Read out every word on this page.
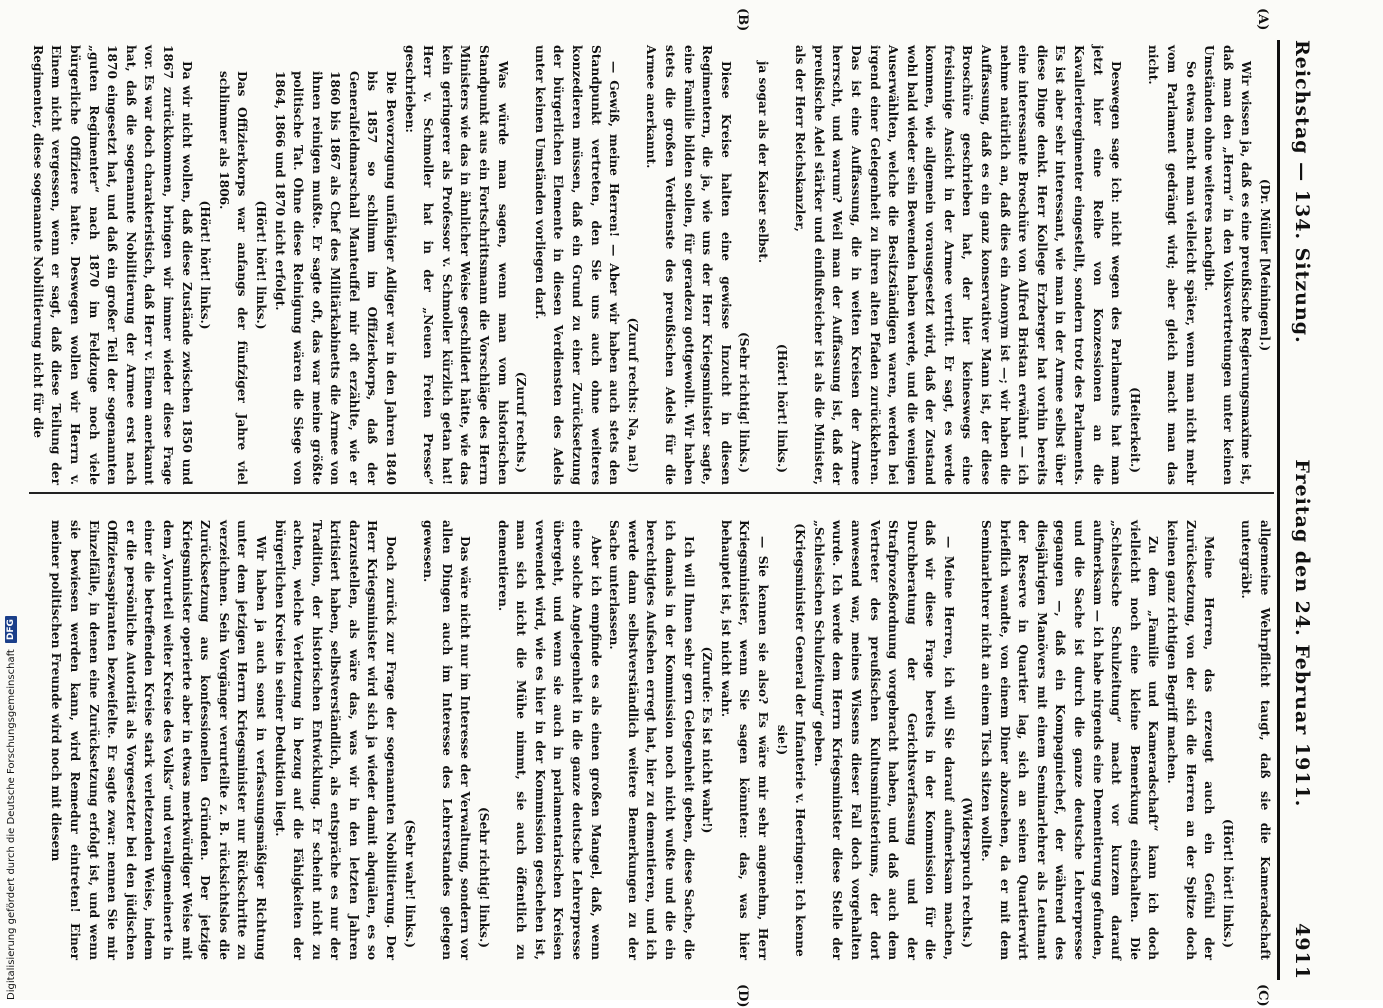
Reichstag — 134. Sitzung.
Freitag den 24. Februar 1911.
4911
(A)
(B)
(C)
(D)

(Dr. Müller [Meiningen].)

Wir wissen ja, daß es eine preußische Regierungsmaxime ist, daß man den „Herrn“ in den Volksvertretungen unter keinen Umständen ohne weiteres nachgibt.

So etwas macht man vielleicht später, wenn man nicht mehr vom Parlament gedrängt wird; aber gleich macht man das nicht.

(Heiterkeit.)

Deswegen sage ich: nicht wegen des Parlaments hat man jetzt hier eine Reihe von Konzessionen an die Kavallerieregimenter eingestellt, sondern trotz des Parlaments. Es ist aber sehr interessant, wie man in der Armee selbst über diese Dinge denkt. Herr Kollege Erzberger hat vorhin bereits eine interessante Broschüre von Alfred Bristan erwähnt — ich nehme natürlich an, daß dies ein Anonym ist —; wir haben die Auffassung, daß es ein ganz konservativer Mann ist, der diese Broschüre geschrieben hat, der hier keineswegs eine freisinnige Ansicht in der Armee vertritt. Er sagt, es werde kommen, wie allgemein vorausgesetzt wird, daß der Zustand wohl bald wieder sein Bewenden haben werde, und die wenigen Auserwählten, welche die Besitzständigen waren, werden bei irgend einer Gelegenheit zu ihren alten Pfaden zurückkehren. Das ist eine Auffassung, die in weiten Kreisen der Armee herrscht, und warum? Weil man der Auffassung ist, daß der preußische Adel stärker und einflußreicher ist als die Minister, als der Herr Reichskanzler,

(Hört! hört! links.)

ja sogar als der Kaiser selbst.

(Sehr richtig! links.)

Diese Kreise halten eine gewisse Inzucht in diesen Regimentern, die ja, wie uns der Herr Kriegsminister sagte, eine Familie bilden sollen, für geradezu gottgewollt. Wir haben stets die großen Verdienste des preußischen Adels für die Armee anerkannt.

(Zuruf rechts: Na, na!)

— Gewiß, meine Herren! — Aber wir haben auch stets den Standpunkt vertreten, den Sie uns auch ohne weiteres konzedieren müssen, daß ein Grund zu einer Zurücksetzung der bürgerlichen Elemente in diesen Verdiensten des Adels unter keinen Umständen vorliegen darf.

(Zuruf rechts.)

Was würde man sagen, wenn man vom historischen Standpunkt aus ein Fortschrittsmann die Vorschläge des Herrn Ministers wie das in ähnlicher Weise geschildert hätte, wie das kein geringerer als Professor v. Schmoller kürzlich getan hat! Herr v. Schmoller hat in der „Neuen Freien Presse“ geschrieben:

Die Bevorzugung unfähiger Adliger war in den Jahren 1840 bis 1857 so schlimm im Offizierkorps, daß der Generalfeldmarschall Manteuffel mir oft erzählte, wie er 1860 bis 1867 als Chef des Militärkabinetts die Armee von ihnen reinigen mußte. Er sagte oft, das war meine größte politische Tat. Ohne diese Reinigung wären die Siege von 1864, 1866 und 1870 nicht erfolgt.

(Hört! hört! links.)

Das Offizierkorps war anfangs der fünfziger Jahre viel schlimmer als 1806.

(Hört! hört! links.)

Da wir nicht wollen, daß diese Zustände zwischen 1850 und 1867 zurückkommen, bringen wir immer wieder diese Frage vor. Es war doch charakteristisch, daß Herr v. Einem anerkannt hat, daß die sogenannte Nobilitierung der Armee erst nach 1870 eingesetzt hat, und daß ein großer Teil der sogenannten „guten Regimenter“ nach 1870 im Feldzuge noch viele bürgerliche Offiziere hatte. Deswegen wollen wir Herrn v. Einem nicht vergessen, wenn er sagt, daß diese Teilung der Regimenter, diese sogenannte Nobilitierung nicht für die

allgemeine Wehrpflicht taugt, daß sie die Kameradschaft untergräbt.

(Hört! hört! links.)

Meine Herren, das erzeugt auch ein Gefühl der Zurücksetzung, von der sich die Herren an der Spitze doch keinen ganz richtigen Begriff machen.

Zu dem „Familie und Kameradschaft“ kann ich doch vielleicht noch eine kleine Bemerkung einschalten. Die „Schlesische Schulzeitung“ macht vor kurzem darauf aufmerksam — ich habe nirgends eine Dementierung gefunden, und die Sache ist durch die ganze deutsche Lehrerpresse gegangen —, daß ein Kompagniechef, der während des diesjährigen Manövers mit einem Seminarlehrer als Leutnant der Reserve in Quartier lag, sich an seinen Quartierwirt brieflich wandte, von einem Diner abzusehen, da er mit dem Seminarlehrer nicht an einem Tisch sitzen wollte.

(Widerspruch rechts.)

— Meine Herren, ich will Sie darauf aufmerksam machen, daß wir diese Frage bereits in der Kommission für die Durchberatung der Gerichtsverfassung und der Strafprozeßordnung vorgebracht haben, und daß auch dem Vertreter des preußischen Kultusministeriums, der dort anwesend war, meines Wissens dieser Fall doch vorgehalten wurde. Ich werde dem Herrn Kriegsminister diese Stelle der „Schlesischen Schulzeitung“ geben.

(Kriegsminister General der Infanterie v. Heeringen: Ich kenne sie!)

— Sie kennen sie also? Es wäre mir sehr angenehm, Herr Kriegsminister, wenn Sie sagen könnten: das, was hier behauptet ist, ist nicht wahr.

(Zurufe: Es ist nicht wahr!)

Ich will Ihnen sehr gern Gelegenheit geben, diese Sache, die ich damals in der Kommission noch nicht wußte und die ein berechtigtes Aufsehen erregt hat, hier zu dementieren, und ich werde dann selbstverständlich weitere Bemerkungen zu der Sache unterlassen.

Aber ich empfinde es als einen großen Mangel, daß, wenn eine solche Angelegenheit in die ganze deutsche Lehrerpresse übergeht, und wenn sie auch in parlamentarischen Kreisen verwendet wird, wie es hier in der Kommission geschehen ist, man sich nicht die Mühe nimmt, sie auch öffentlich zu dementieren.

(Sehr richtig! links.)

Das wäre nicht nur im Interesse der Verwaltung, sondern vor allen Dingen auch im Interesse des Lehrerstandes gelegen gewesen.

(Sehr wahr! links.)

Doch zurück zur Frage der sogenannten Nobilitierung. Der Herr Kriegsminister wird sich ja wieder damit abquälen, es so darzustellen, als wäre das, was wir in den letzten Jahren kritisiert haben, selbstverständlich, als entspräche es nur der Tradition, der historischen Entwicklung. Er scheint nicht zu achten, welche Verletzung in bezug auf die Fähigkeiten der bürgerlichen Kreise in seiner Deduktion liegt.

Wir haben ja auch sonst in verfassungsmäßiger Richtung unter dem jetzigen Herrn Kriegsminister nur Rückschritte zu verzeichnen. Sein Vorgänger verurteilte z. B. rücksichtslos die Zurücksetzung aus konfessionellen Gründen. Der jetzige Kriegsminister operierte aber in etwas merkwürdiger Weise mit dem „Vorurteil weiter Kreise des Volks“ und verallgemeinerte in einer die betreffenden Kreise stark verletzenden Weise, indem er die persönliche Autorität als Vorgesetzter bei den jüdischen Offiziersaspiranten bezweifelte. Er sagte zwar: nennen Sie mir Einzelfälle, in denen eine Zurücksetzung erfolgt ist, und wenn sie bewiesen werden kann, wird Remedur eintreten! Einer meiner politischen Freunde wird noch mit diesem

Digitalisierung gefördert durch die Deutsche Forschungsgemeinschaft
DFG
